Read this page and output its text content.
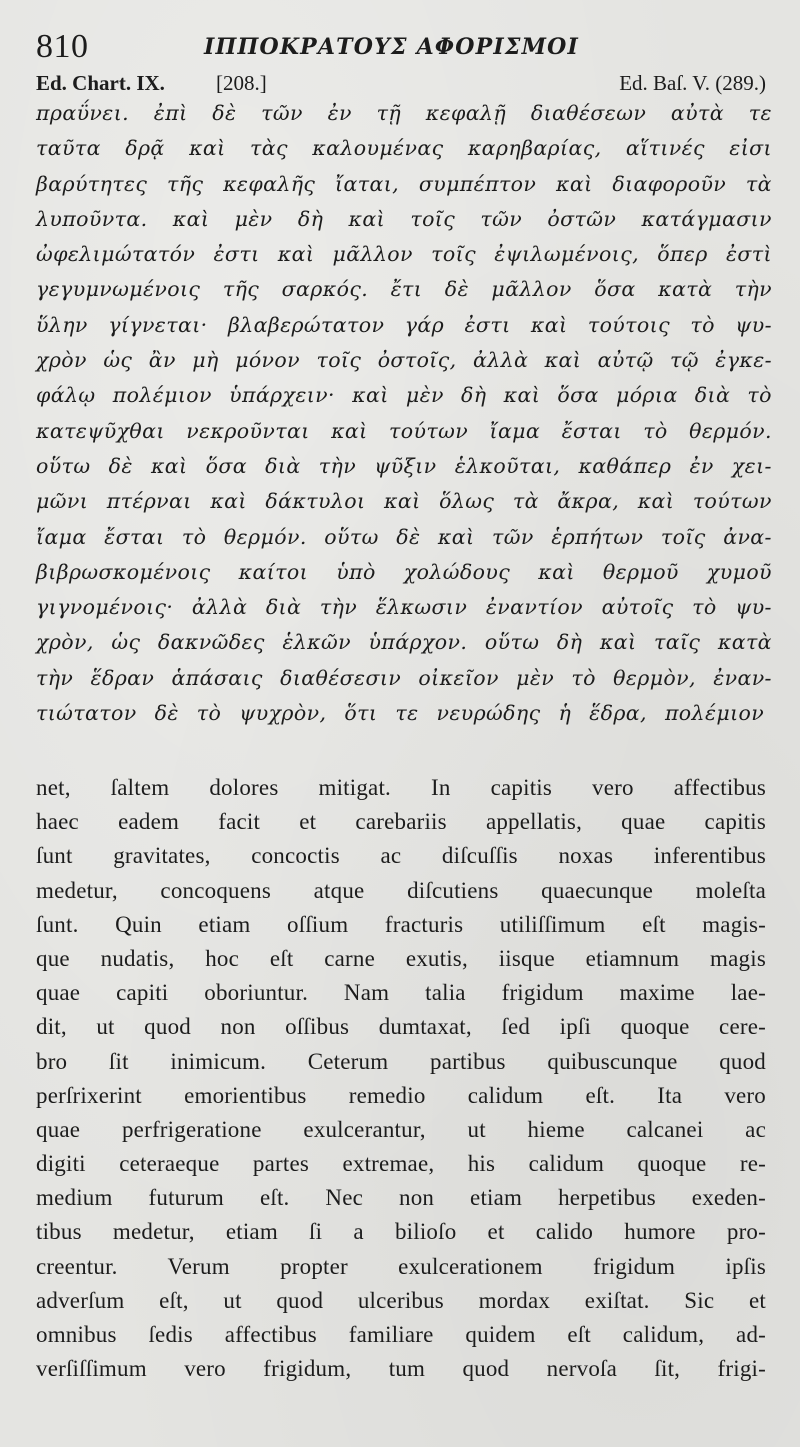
810	ΙΠΠΟΚΡΑΤΟΥΣ ΑΦΟΡΙΣΜΟΙ
Ed. Chart. IX. [208.]	Ed. Baſ. V. (289.)
πραΰνει. ἐπὶ δὲ τῶν ἐν τῇ κεφαλῇ διαθέσεων αὐτὰ τε
ταῦτα δρᾷ καὶ τὰς καλουμένας καρηβαρίας, αἵτινές εἰσι
βαρύτητες τῆς κεφαλῆς ἴαται, συμπέπτον καὶ διαφοροῦν τὰ
λυποῦντα. καὶ μὲν δὴ καὶ τοῖς τῶν ὀστῶν κατάγμασιν
ὠφελιμώτατόν ἐστι καὶ μᾶλλον τοῖς ἐψιλωμένοις, ὅπερ ἐστὶ
γεγυμνωμένοις τῆς σαρκός. ἔτι δὲ μᾶλλον ὅσα κατὰ τὴν
ὕλην γίγνεται· βλαβερώτατον γάρ ἐστι καὶ τούτοις τὸ ψυ-
χρὸν ὡς ἂν μὴ μόνον τοῖς ὀστοῖς, ἀλλὰ καὶ αὐτῷ τῷ ἐγκε-
φάλῳ πολέμιον ὑπάρχειν· καὶ μὲν δὴ καὶ ὅσα μόρια διὰ τὸ
κατεψῦχθαι νεκροῦνται καὶ τούτων ἴαμα ἔσται τὸ θερμόν.
οὕτω δὲ καὶ ὅσα διὰ τὴν ψῦξιν ἑλκοῦται, καθάπερ ἐν χει-
μῶνι πτέρναι καὶ δάκτυλοι καὶ ὅλως τὰ ἄκρα, καὶ τούτων
ἴαμα ἔσται τὸ θερμόν. οὕτω δὲ καὶ τῶν ἑρπήτων τοῖς ἀνα-
βιβρωσκομένοις καίτοι ὑπὸ χολώδους καὶ θερμοῦ χυμοῦ
γιγνομένοις· ἀλλὰ διὰ τὴν ἕλκωσιν ἐναντίον αὐτοῖς τὸ ψυ-
χρὸν, ὡς δακνῶδες ἑλκῶν ὑπάρχον. οὕτω δὴ καὶ ταῖς κατὰ
τὴν ἕδραν ἁπάσαις διαθέσεσιν οἰκεῖον μὲν τὸ θερμὸν, ἐναν-
τιώτατον δὲ τὸ ψυχρὸν, ὅτι τε νευρώδης ἡ ἕδρα, πολέμιον
net, ſaltem dolores mitigat. In capitis vero affectibus
haec eadem facit et carebariis appellatis, quae capitis
ſunt gravitates, concoctis ac diſcuſſis noxas inferentibus
medetur, concoquens atque diſcutiens quaecunque moleſta
ſunt. Quin etiam oſſium fracturis utiliſſimum eſt magis-
que nudatis, hoc eſt carne exutis, iisque etiamnum magis
quae capiti oboriuntur. Nam talia frigidum maxime lae-
dit, ut quod non oſſibus dumtaxat, ſed ipſi quoque cere-
bro ſit inimicum. Ceterum partibus quibuscunque quod
perſrixerint emorientibus remedio calidum eſt. Ita vero
quae perfrigeratione exulcerantur, ut hieme calcanei ac
digiti ceteraeque partes extremae, his calidum quoque re-
medium futurum eſt. Nec non etiam herpetibus exeden-
tibus medetur, etiam ſi a bilioſo et calido humore pro-
creentur. Verum propter exulcerationem frigidum ipſis
adverſum eſt, ut quod ulceribus mordax exiſtat. Sic et
omnibus ſedis affectibus familiare quidem eſt calidum, ad-
verſiſſimum vero frigidum, tum quod nervoſa ſit, frigi-
